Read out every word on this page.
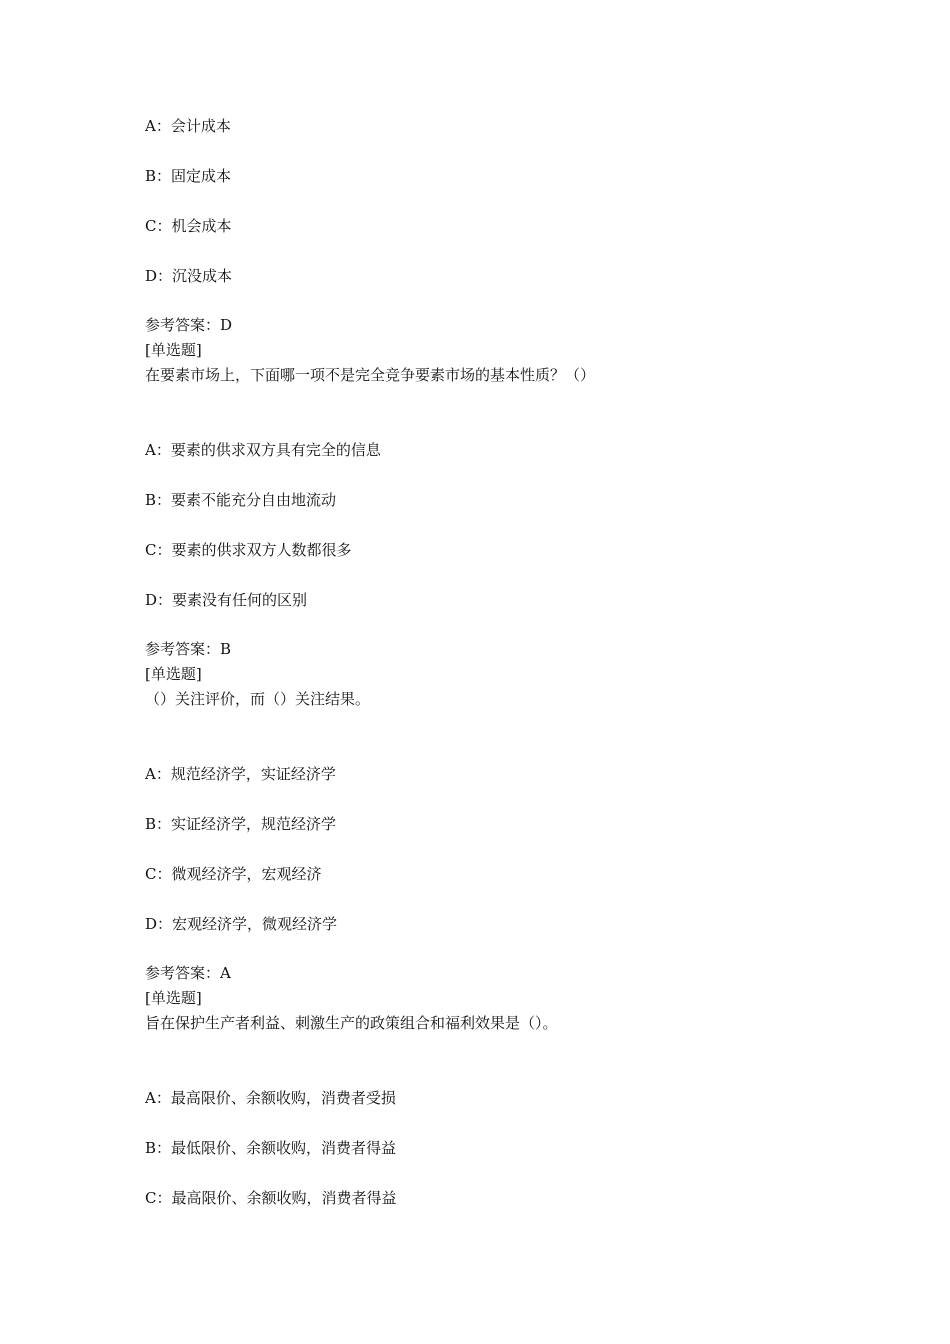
A：会计成本
B：固定成本
C：机会成本
D：沉没成本
参考答案：D
[单选题]
在要素市场上，下面哪一项不是完全竞争要素市场的基本性质？（）
A：要素的供求双方具有完全的信息
B：要素不能充分自由地流动
C：要素的供求双方人数都很多
D：要素没有任何的区别
参考答案：B
[单选题]
（）关注评价，而（）关注结果。
A：规范经济学，实证经济学
B：实证经济学，规范经济学
C：微观经济学，宏观经济
D：宏观经济学，微观经济学
参考答案：A
[单选题]
旨在保护生产者利益、刺激生产的政策组合和福利效果是（）。
A：最高限价、余额收购，消费者受损
B：最低限价、余额收购，消费者得益
C：最高限价、余额收购，消费者得益
